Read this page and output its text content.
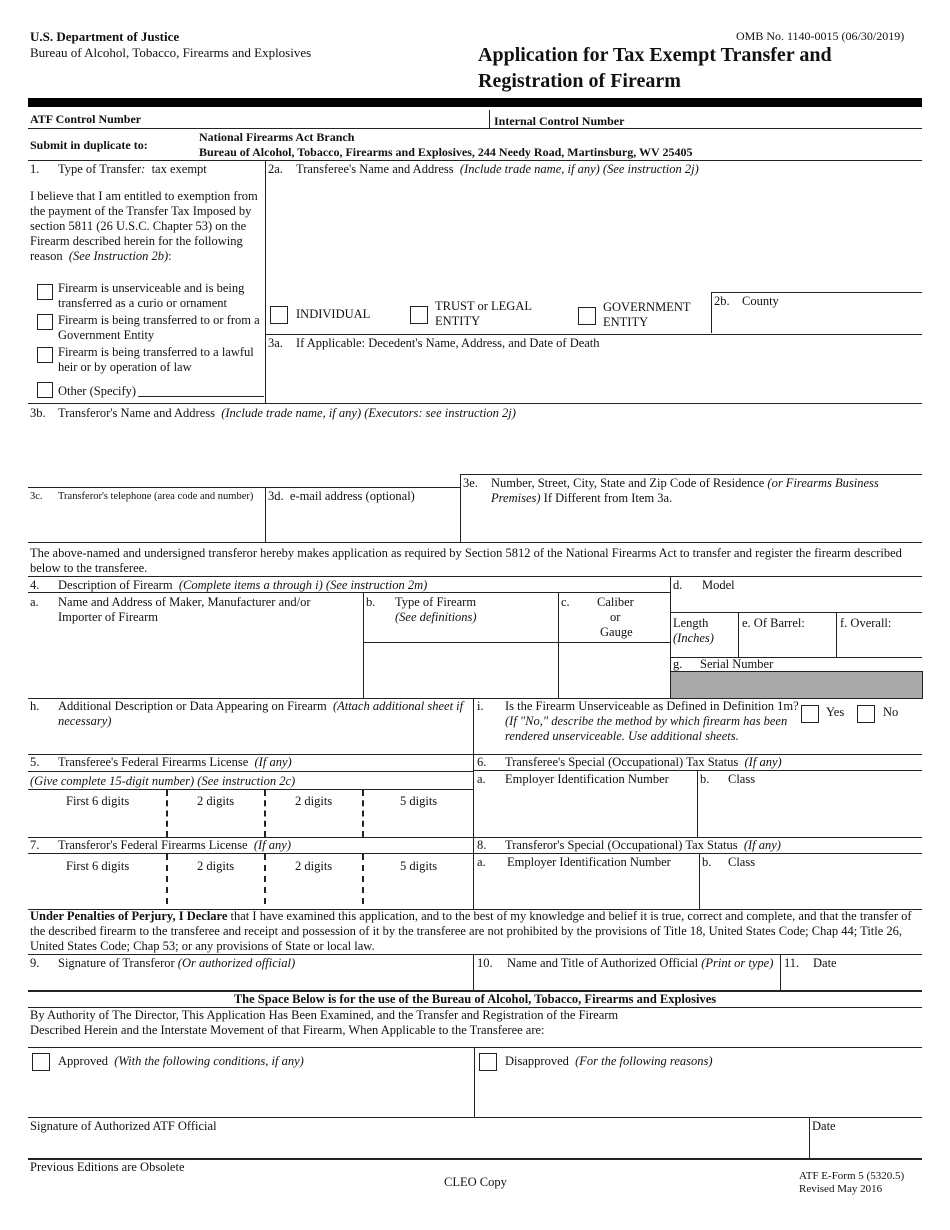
U.S. Department of Justice
Bureau of Alcohol, Tobacco, Firearms and Explosives
OMB No. 1140-0015 (06/30/2019)
Application for Tax Exempt Transfer and
Registration of Firearm
ATF Control Number	Internal Control Number
Submit in duplicate to:
National Firearms Act Branch
Bureau of Alcohol, Tobacco, Firearms and Explosives, 244 Needy Road, Martinsburg, WV 25405
1. Type of Transfer: tax exempt
I believe that I am entitled to exemption from
the payment of the Transfer Tax Imposed by
section 5811 (26 U.S.C. Chapter 53) on the
Firearm described herein for the following
reason (See Instruction 2b):
Firearm is unserviceable and is being
transferred as a curio or ornament
Firearm is being transferred to or from a
Government Entity
Firearm is being transferred to a lawful
heir or by operation of law
Other (Specify)
2a. Transferee's Name and Address (Include trade name, if any) (See instruction 2j)
INDIVIDUAL
TRUST or LEGAL
ENTITY
GOVERNMENT
ENTITY
2b. County
3a. If Applicable: Decedent's Name, Address, and Date of Death
3b. Transferor's Name and Address (Include trade name, if any) (Executors: see instruction 2j)
3c. Transferor's telephone (area code and number) 3d. e-mail address (optional)
3e. Number, Street, City, State and Zip Code of Residence (or Firearms Business
Premises) If Different from Item 3a.
The above-named and undersigned transferor hereby makes application as required by Section 5812 of the National Firearms Act to transfer and register the firearm described
below to the transferee.
4. Description of Firearm (Complete items a through i) (See instruction 2m)	d. Model
a. Name and Address of Maker, Manufacturer and/or
Importer of Firearm
b. Type of Firearm
(See definitions)
c. Caliber
or
Gauge
Length
(Inches)
e. Of Barrel:	f. Overall:
g. Serial Number
h. Additional Description or Data Appearing on Firearm (Attach additional sheet if
necessary)
i. Is the Firearm Unserviceable as Defined in Definition 1m?
(If "No," describe the method by which firearm has been
rendered unserviceable. Use additional sheets.
Yes	No
5. Transferee's Federal Firearms License (If any)
(Give complete 15-digit number) (See instruction 2c)
First 6 digits	2 digits	2 digits	5 digits
6. Transferee's Special (Occupational) Tax Status (If any)
a. Employer Identification Number b. Class
7. Transferor's Federal Firearms License (If any)
First 6 digits	2 digits	2 digits	5 digits
8. Transferor's Special (Occupational) Tax Status (If any)
a. Employer Identification Number b. Class
Under Penalties of Perjury, I Declare that I have examined this application, and to the best of my knowledge and belief it is true, correct and complete, and that the transfer of
the described firearm to the transferee and receipt and possession of it by the transferee are not prohibited by the provisions of Title 18, United States Code; Chap 44; Title 26,
United States Code; Chap 53; or any provisions of State or local law.
9. Signature of Transferor (Or authorized official)	10. Name and Title of Authorized Official (Print or type) 11. Date
The Space Below is for the use of the Bureau of Alcohol, Tobacco, Firearms and Explosives
By Authority of The Director, This Application Has Been Examined, and the Transfer and Registration of the Firearm
Described Herein and the Interstate Movement of that Firearm, When Applicable to the Transferee are:
Approved (With the following conditions, if any)	Disapproved (For the following reasons)
Signature of Authorized ATF Official	Date
Previous Editions are Obsolete
CLEO Copy	ATF E-Form 5 (5320.5)
Revised May 2016
